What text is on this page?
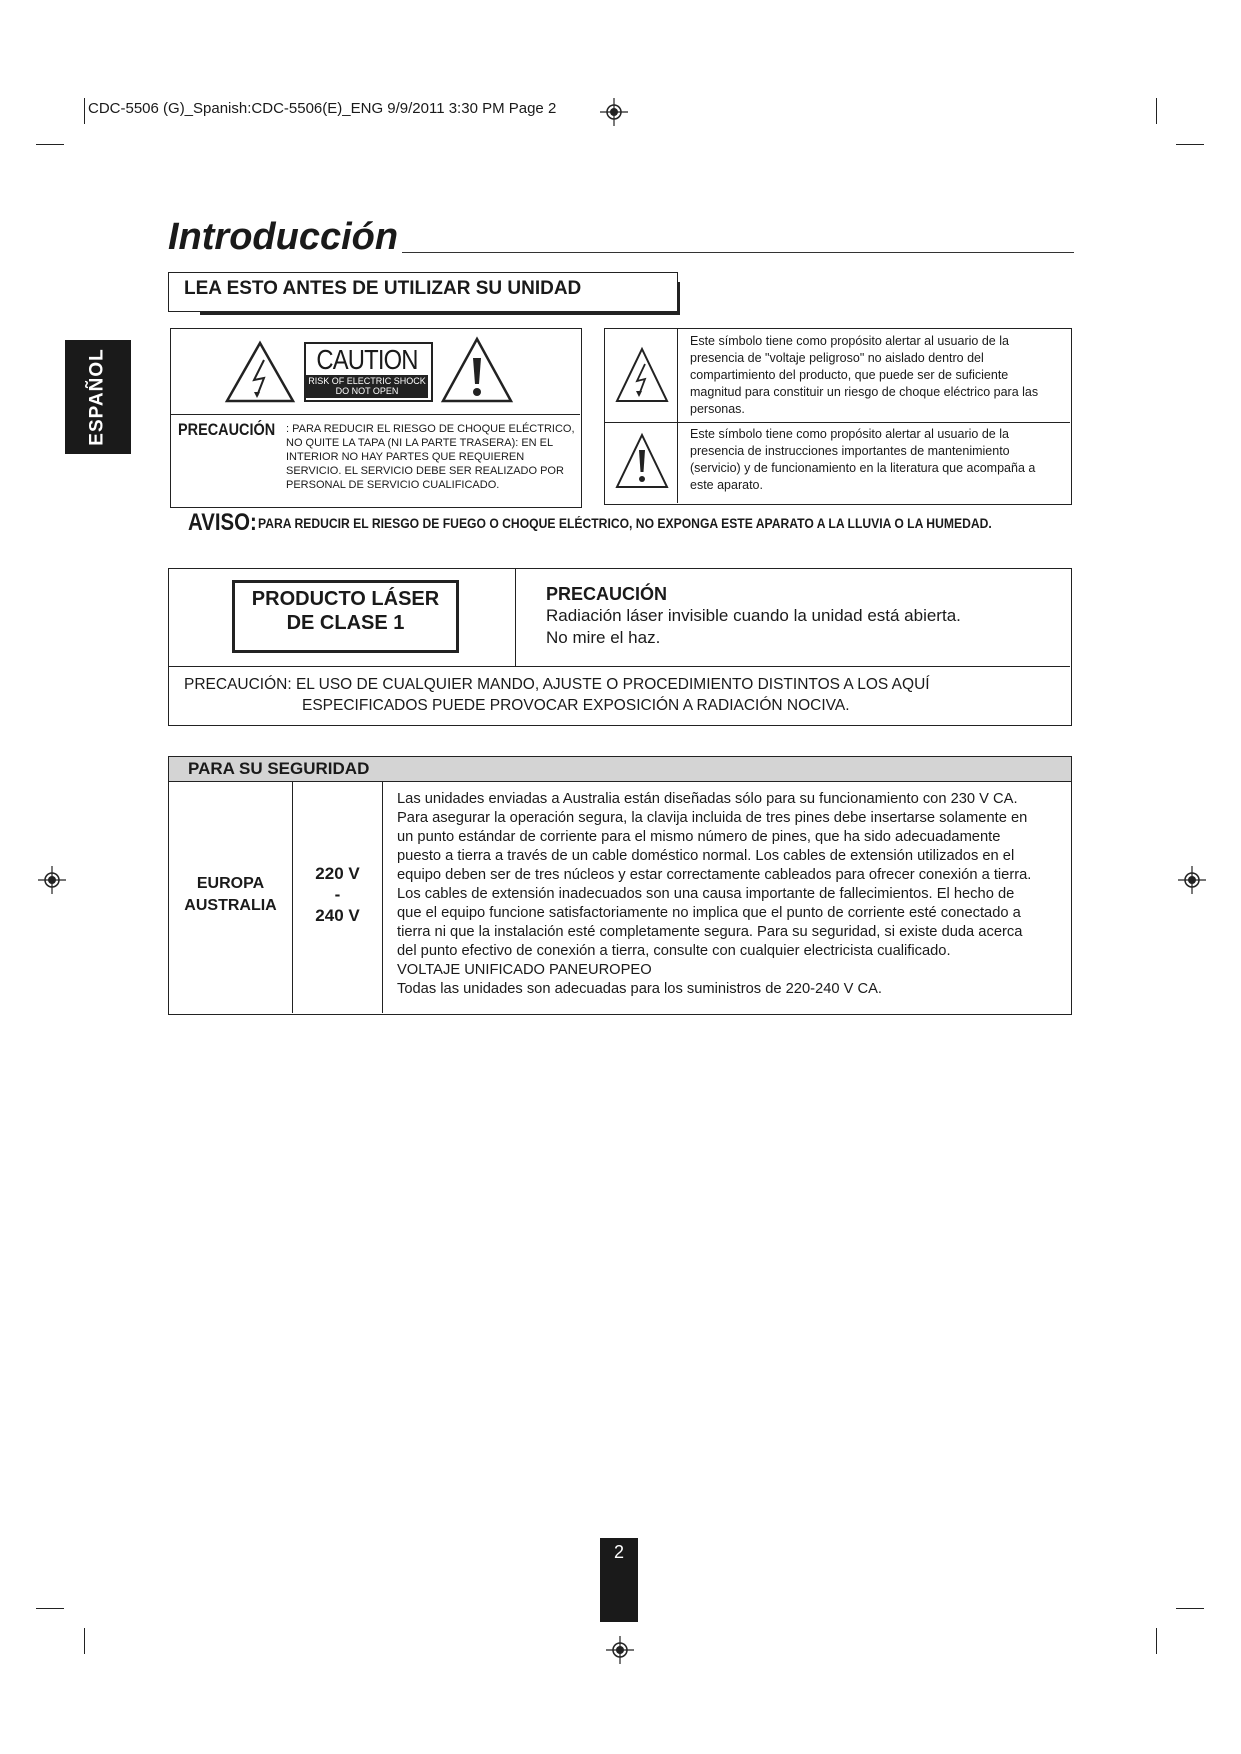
CDC-5506 (G)_Spanish:CDC-5506(E)_ENG 9/9/2011 3:30 PM Page 2
ESPAÑOL
Introducción
LEA ESTO ANTES DE UTILIZAR SU UNIDAD
CAUTION
RISK OF ELECTRIC SHOCK
DO NOT OPEN
PRECAUCIÓN : PARA REDUCIR EL RIESGO DE CHOQUE ELÉCTRICO, NO QUITE LA TAPA (NI LA PARTE TRASERA): EN EL INTERIOR NO HAY PARTES QUE REQUIEREN SERVICIO. EL SERVICIO DEBE SER REALIZADO POR PERSONAL DE SERVICIO CUALIFICADO.
Este símbolo tiene como propósito alertar al usuario de la presencia de "voltaje peligroso" no aislado dentro del compartimiento del producto, que puede ser de suficiente magnitud para constituir un riesgo de choque eléctrico para las personas.
Este símbolo tiene como propósito alertar al usuario de la presencia de instrucciones importantes de mantenimiento (servicio) y de funcionamiento en la literatura que acompaña a este aparato.
AVISO: PARA REDUCIR EL RIESGO DE FUEGO O CHOQUE ELÉCTRICO, NO EXPONGA ESTE APARATO A LA LLUVIA O LA HUMEDAD.
PRODUCTO LÁSER
DE CLASE 1
PRECAUCIÓN
Radiación láser invisible cuando la unidad está abierta.
No mire el haz.
PRECAUCIÓN: EL USO DE CUALQUIER MANDO, AJUSTE O PROCEDIMIENTO DISTINTOS A LOS AQUÍ
ESPECIFICADOS PUEDE PROVOCAR EXPOSICIÓN A RADIACIÓN NOCIVA.
PARA SU SEGURIDAD
EUROPA
AUSTRALIA
220 V
-
240 V
Las unidades enviadas a Australia están diseñadas sólo para su funcionamiento con 230 V CA.
Para asegurar la operación segura, la clavija incluida de tres pines debe insertarse solamente en
un punto estándar de corriente para el mismo número de pines, que ha sido adecuadamente
puesto a tierra a través de un cable doméstico normal. Los cables de extensión utilizados en el
equipo deben ser de tres núcleos y estar correctamente cableados para ofrecer conexión a tierra.
Los cables de extensión inadecuados son una causa importante de fallecimientos. El hecho de
que el equipo funcione satisfactoriamente no implica que el punto de corriente esté conectado a
tierra ni que la instalación esté completamente segura. Para su seguridad, si existe duda acerca
del punto efectivo de conexión a tierra, consulte con cualquier electricista cualificado.
VOLTAJE UNIFICADO PANEUROPEO
Todas las unidades son adecuadas para los suministros de 220-240 V CA.
2
